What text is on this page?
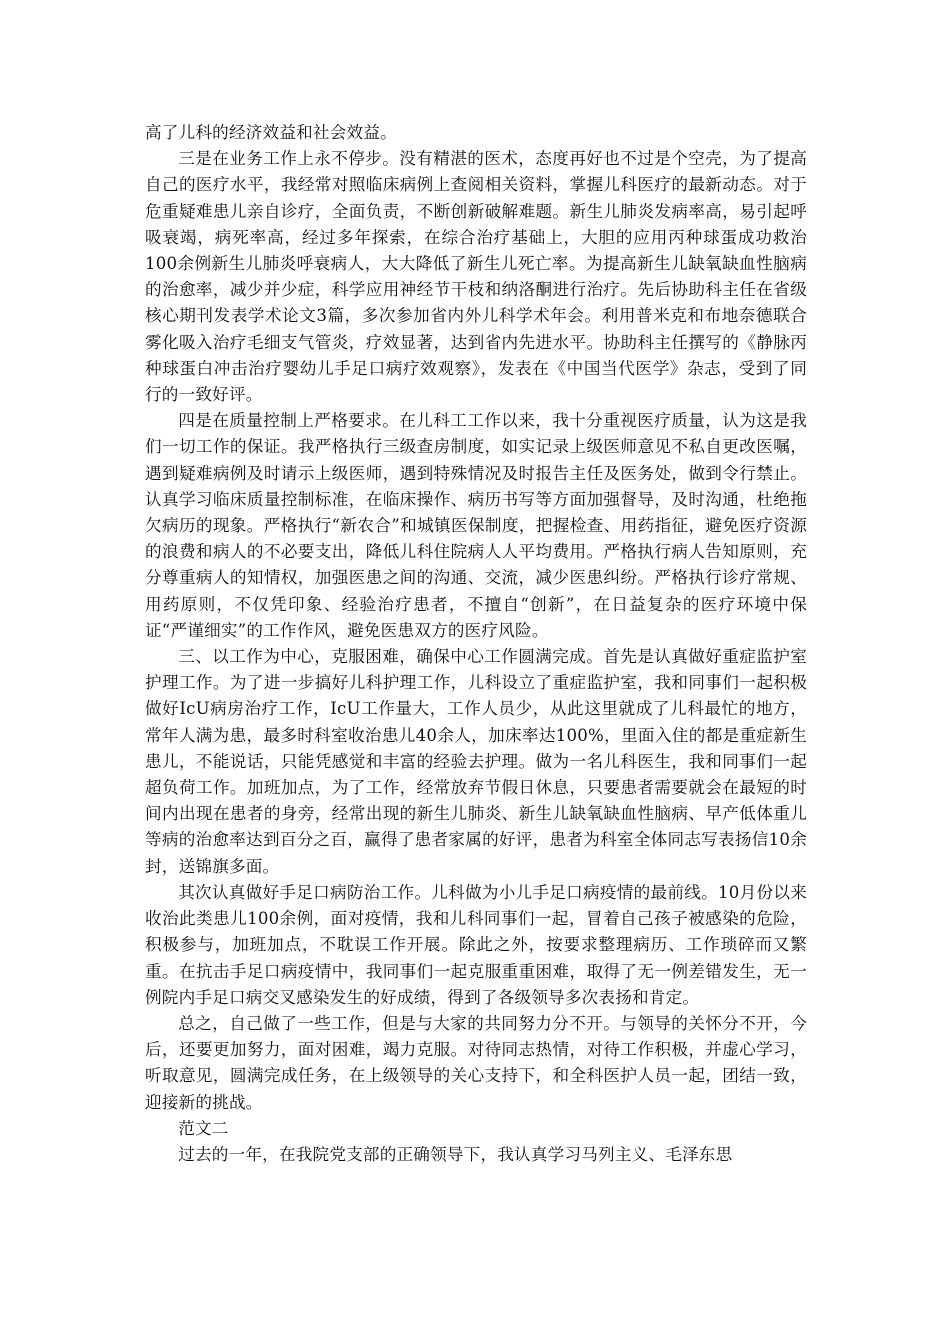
高了儿科的经济效益和社会效益。

三是在业务工作上永不停步。没有精湛的医术，态度再好也不过是个空壳，为了提高自己的医疗水平，我经常对照临床病例上查阅相关资料，掌握儿科医疗的最新动态。对于危重疑难患儿亲自诊疗，全面负责，不断创新破解难题。新生儿肺炎发病率高，易引起呼吸衰竭，病死率高，经过多年探索，在综合治疗基础上，大胆的应用丙种球蛋成功救治100余例新生儿肺炎呼衰病人，大大降低了新生儿死亡率。为提高新生儿缺氧缺血性脑病的治愈率，减少并少症，科学应用神经节干枝和纳洛酮进行治疗。先后协助科主任在省级核心期刊发表学术论文3篇，多次参加省内外儿科学术年会。利用普米克和布地奈德联合雾化吸入治疗毛细支气管炎，疗效显著，达到省内先进水平。协助科主任撰写的《静脉丙种球蛋白冲击治疗婴幼儿手足口病疗效观察》，发表在《中国当代医学》杂志，受到了同行的一致好评。

四是在质量控制上严格要求。在儿科工工作以来，我十分重视医疗质量，认为这是我们一切工作的保证。我严格执行三级查房制度，如实记录上级医师意见不私自更改医嘱，遇到疑难病例及时请示上级医师，遇到特殊情况及时报告主任及医务处，做到令行禁止。认真学习临床质量控制标准，在临床操作、病历书写等方面加强督导，及时沟通，杜绝拖欠病历的现象。严格执行“新农合”和城镇医保制度，把握检查、用药指征，避免医疗资源的浪费和病人的不必要支出，降低儿科住院病人人平均费用。严格执行病人告知原则，充分尊重病人的知情权，加强医患之间的沟通、交流，减少医患纠纷。严格执行诊疗常规、用药原则，不仅凭印象、经验治疗患者，不擅自“创新”，在日益复杂的医疗环境中保证“严谨细实”的工作作风，避免医患双方的医疗风险。

三、以工作为中心，克服困难，确保中心工作圆满完成。首先是认真做好重症监护室护理工作。为了进一步搞好儿科护理工作，儿科设立了重症监护室，我和同事们一起积极做好IcU病房治疗工作，IcU工作量大，工作人员少，从此这里就成了儿科最忙的地方，常年人满为患，最多时科室收治患儿40余人，加床率达100%，里面入住的都是重症新生患儿，不能说话，只能凭感觉和丰富的经验去护理。做为一名儿科医生，我和同事们一起超负荷工作。加班加点，为了工作，经常放弃节假日休息，只要患者需要就会在最短的时间内出现在患者的身旁，经常出现的新生儿肺炎、新生儿缺氧缺血性脑病、早产低体重儿等病的治愈率达到百分之百，赢得了患者家属的好评，患者为科室全体同志写表扬信10余封，送锦旗多面。

其次认真做好手足口病防治工作。儿科做为小儿手足口病疫情的最前线。10月份以来收治此类患儿100余例，面对疫情，我和儿科同事们一起，冒着自己孩子被感染的危险，积极参与，加班加点，不耽误工作开展。除此之外，按要求整理病历、工作琐碎而又繁重。在抗击手足口病疫情中，我同事们一起克服重重困难，取得了无一例差错发生，无一例院内手足口病交叉感染发生的好成绩，得到了各级领导多次表扬和肯定。

总之，自己做了一些工作，但是与大家的共同努力分不开。与领导的关怀分不开，今后，还要更加努力，面对困难，竭力克服。对待同志热情，对待工作积极，并虚心学习，听取意见，圆满完成任务，在上级领导的关心支持下，和全科医护人员一起，团结一致，迎接新的挑战。

范文二

过去的一年，在我院党支部的正确领导下，我认真学习马列主义、毛泽东思
